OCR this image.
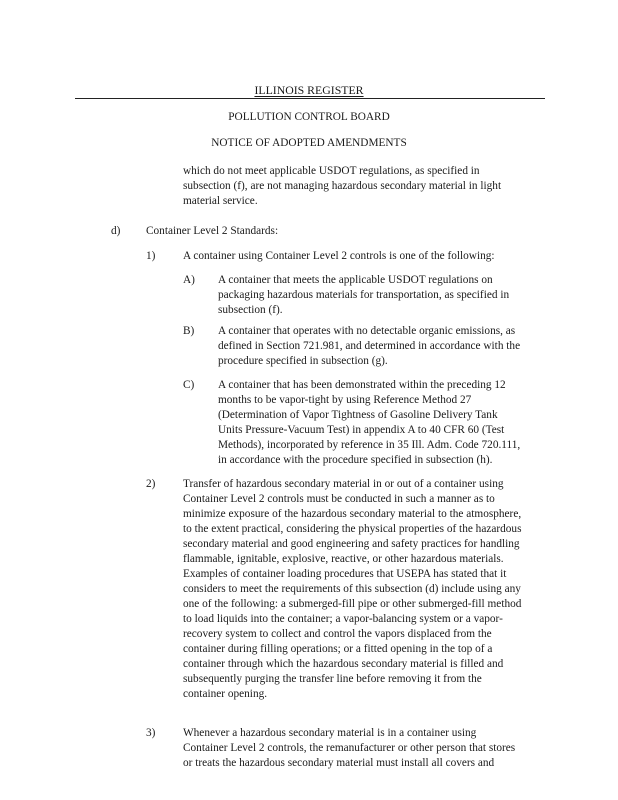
ILLINOIS REGISTER
POLLUTION CONTROL BOARD
NOTICE OF ADOPTED AMENDMENTS
which do not meet applicable USDOT regulations, as specified in
subsection (f), are not managing hazardous secondary material in light
material service.
d) Container Level 2 Standards:
1) A container using Container Level 2 controls is one of the following:
A) A container that meets the applicable USDOT regulations on
packaging hazardous materials for transportation, as specified in
subsection (f).
B) A container that operates with no detectable organic emissions, as
defined in Section 721.981, and determined in accordance with the
procedure specified in subsection (g).
C) A container that has been demonstrated within the preceding 12
months to be vapor-tight by using Reference Method 27
(Determination of Vapor Tightness of Gasoline Delivery Tank
Units Pressure-Vacuum Test) in appendix A to 40 CFR 60 (Test
Methods), incorporated by reference in 35 Ill. Adm. Code 720.111,
in accordance with the procedure specified in subsection (h).
2) Transfer of hazardous secondary material in or out of a container using
Container Level 2 controls must be conducted in such a manner as to
minimize exposure of the hazardous secondary material to the atmosphere,
to the extent practical, considering the physical properties of the hazardous
secondary material and good engineering and safety practices for handling
flammable, ignitable, explosive, reactive, or other hazardous materials.
Examples of container loading procedures that USEPA has stated that it
considers to meet the requirements of this subsection (d) include using any
one of the following: a submerged-fill pipe or other submerged-fill method
to load liquids into the container; a vapor-balancing system or a vapor-
recovery system to collect and control the vapors displaced from the
container during filling operations; or a fitted opening in the top of a
container through which the hazardous secondary material is filled and
subsequently purging the transfer line before removing it from the
container opening.
3) Whenever a hazardous secondary material is in a container using
Container Level 2 controls, the remanufacturer or other person that stores
or treats the hazardous secondary material must install all covers and
